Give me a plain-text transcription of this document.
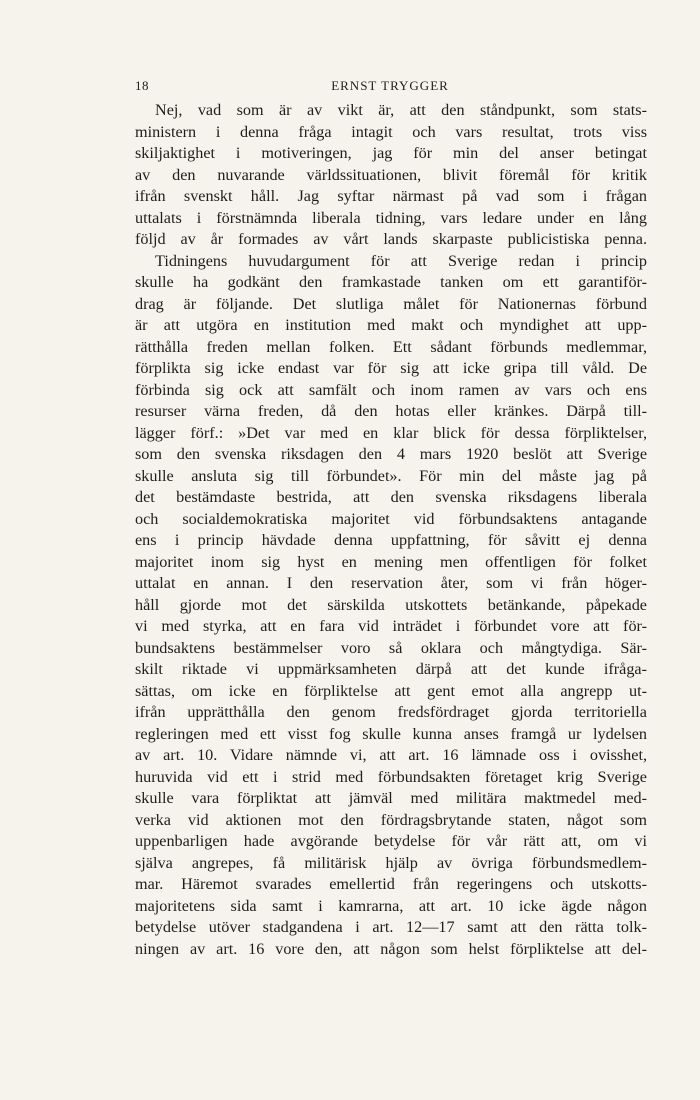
18	ERNST TRYGGER
Nej, vad som är av vikt är, att den ståndpunkt, som stats-
ministern i denna fråga intagit och vars resultat, trots viss
skiljaktighet i motiveringen, jag för min del anser betingat
av den nuvarande världssituationen, blivit föremål för kritik
ifrån svenskt håll. Jag syftar närmast på vad som i frågan
uttalats i förstnämnda liberala tidning, vars ledare under en lång
följd av år formades av vårt lands skarpaste publicistiska penna.
Tidningens huvudargument för att Sverige redan i princip
skulle ha godkänt den framkastade tanken om ett garantiför-
drag är följande. Det slutliga målet för Nationernas förbund
är att utgöra en institution med makt och myndighet att upp-
rätthålla freden mellan folken. Ett sådant förbunds medlemmar,
förplikta sig icke endast var för sig att icke gripa till våld. De
förbinda sig ock att samfält och inom ramen av vars och ens
resurser värna freden, då den hotas eller kränkes. Därpå till-
lägger förf.: »Det var med en klar blick för dessa förpliktelser,
som den svenska riksdagen den 4 mars 1920 beslöt att Sverige
skulle ansluta sig till förbundet». För min del måste jag på
det bestämdaste bestrida, att den svenska riksdagens liberala
och socialdemokratiska majoritet vid förbundsaktens antagande
ens i princip hävdade denna uppfattning, för såvitt ej denna
majoritet inom sig hyst en mening men offentligen för folket
uttalat en annan. I den reservation åter, som vi från höger-
håll gjorde mot det särskilda utskottets betänkande, påpekade
vi med styrka, att en fara vid inträdet i förbundet vore att för-
bundsaktens bestämmelser voro så oklara och mångtydiga. Sär-
skilt riktade vi uppmärksamheten därpå att det kunde ifråga-
sättas, om icke en förpliktelse att gent emot alla angrepp ut-
ifrån upprätthålla den genom fredsfördraget gjorda territoriella
regleringen med ett visst fog skulle kunna anses framgå ur lydelsen
av art. 10. Vidare nämnde vi, att art. 16 lämnade oss i ovisshet,
huruvida vid ett i strid med förbundsakten företaget krig Sverige
skulle vara förpliktat att jämväl med militära maktmedel med-
verka vid aktionen mot den fördragsbrytande staten, något som
uppenbarligen hade avgörande betydelse för vår rätt att, om vi
själva angrepes, få militärisk hjälp av övriga förbundsmedlem-
mar. Häremot svarades emellertid från regeringens och utskotts-
majoritetens sida samt i kamrarna, att art. 10 icke ägde någon
betydelse utöver stadgandena i art. 12—17 samt att den rätta tolk-
ningen av art. 16 vore den, att någon som helst förpliktelse att del-
